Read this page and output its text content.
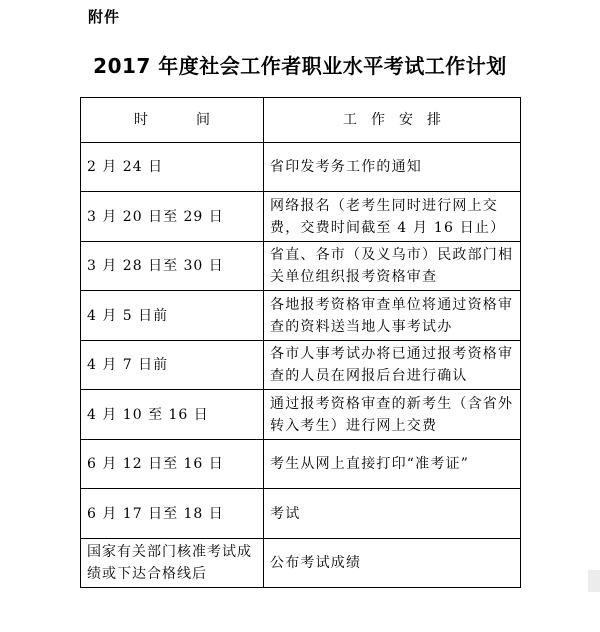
附件
2017 年度社会工作者职业水平考试工作计划
时间	工作安排
2 月 24 日	省印发考务工作的通知
3 月 20 日至 29 日	网络报名（老考生同时进行网上交费，交费时间截至 4 月 16 日止）
3 月 28 日至 30 日	省直、各市（及义乌市）民政部门相关单位组织报考资格审查
4 月 5 日前	各地报考资格审查单位将通过资格审查的资料送当地人事考试办
4 月 7 日前	各市人事考试办将已通过报考资格审查的人员在网报后台进行确认
4 月 10 至 16 日	通过报考资格审查的新考生（含省外转入考生）进行网上交费
6 月 12 日至 16 日	考生从网上直接打印“准考证”
6 月 17 日至 18 日	考试
国家有关部门核准考试成绩或下达合格线后	公布考试成绩
